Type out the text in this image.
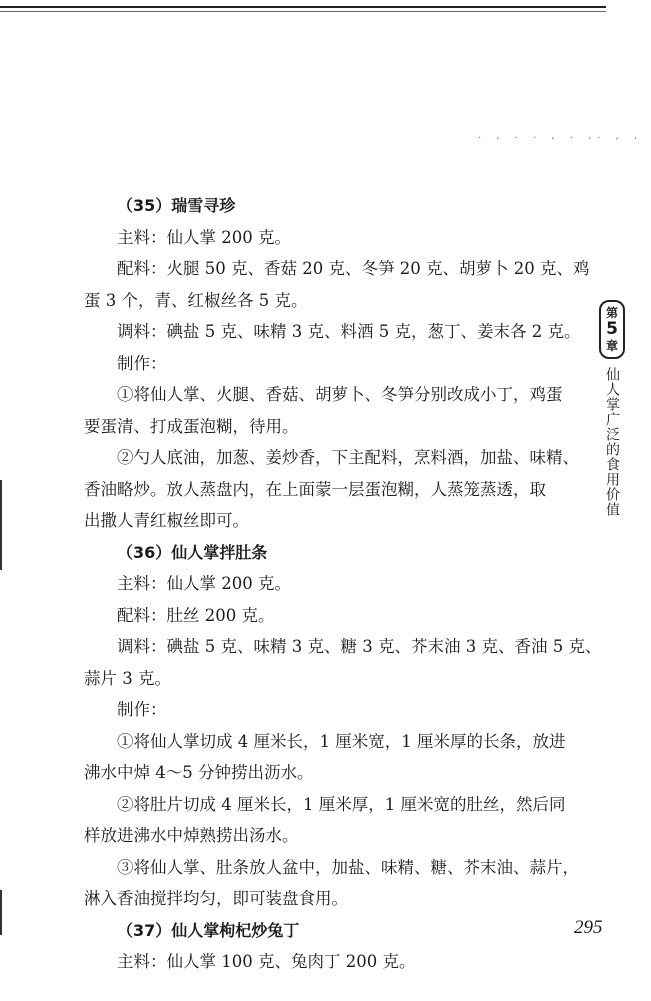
. , . . , . ,. , ,
（35）瑞雪寻珍
主料：仙人掌 200 克。
配料：火腿 50 克、香菇 20 克、冬笋 20 克、胡萝卜 20 克、鸡
蛋 3 个，青、红椒丝各 5 克。
调料：碘盐 5 克、味精 3 克、料酒 5 克，葱丁、姜末各 2 克。
制作：
①将仙人掌、火腿、香菇、胡萝卜、冬笋分别改成小丁，鸡蛋
要蛋清、打成蛋泡糊，待用。
②勺人底油，加葱、姜炒香，下主配料，烹料酒，加盐、味精、
香油略炒。放人蒸盘内，在上面蒙一层蛋泡糊，人蒸笼蒸透，取
出撒人青红椒丝即可。
（36）仙人掌拌肚条
主料：仙人掌 200 克。
配料：肚丝 200 克。
调料：碘盐 5 克、味精 3 克、糖 3 克、芥末油 3 克、香油 5 克、
蒜片 3 克。
制作：
①将仙人掌切成 4 厘米长，1 厘米宽，1 厘米厚的长条，放进
沸水中焯 4～5 分钟捞出沥水。
②将肚片切成 4 厘米长，1 厘米厚，1 厘米宽的肚丝，然后同
样放进沸水中焯熟捞出汤水。
③将仙人掌、肚条放人盆中，加盐、味精、糖、芥末油、蒜片，
淋入香油搅拌均匀，即可装盘食用。
（37）仙人掌枸杞炒兔丁
主料：仙人掌 100 克、兔肉丁 200 克。
第
5
章
仙人掌广泛的食用价值
295
